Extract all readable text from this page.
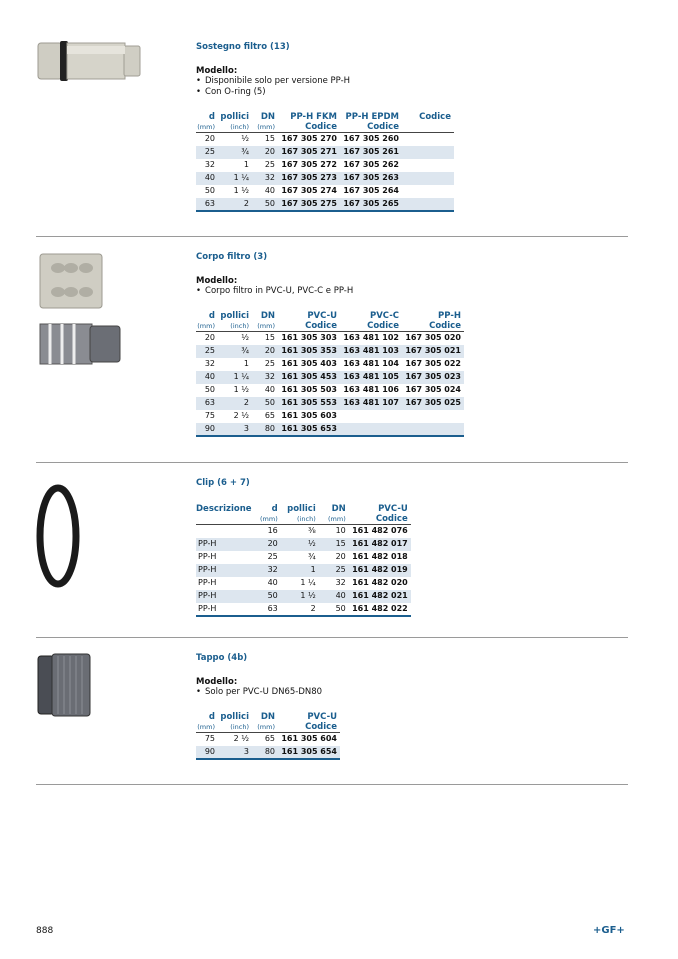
Sostegno filtro (13)
Modello:
• Disponibile solo per versione PP-H
• Con O-ring (5)
d
(mm)	pollici
(inch)	DN
(mm)	PP-H FKM
Codice	PP-H EPDM
Codice	Codice

20	½	15	167 305 270	167 305 260	
25	¾	20	167 305 271	167 305 261	
32	1	25	167 305 272	167 305 262	
40	1 ¼	32	167 305 273	167 305 263	
50	1 ½	40	167 305 274	167 305 264	
63	2	50	167 305 275	167 305 265	
Corpo filtro (3)
Modello:
• Corpo filtro in PVC-U, PVC-C e PP-H
d
(mm)	pollici
(inch)	DN
(mm)	PVC-U
Codice	PVC-C
Codice	PP-H
Codice

20	½	15	161 305 303	163 481 102	167 305 020
25	¾	20	161 305 353	163 481 103	167 305 021
32	1	25	161 305 403	163 481 104	167 305 022
40	1 ¼	32	161 305 453	163 481 105	167 305 023
50	1 ½	40	161 305 503	163 481 106	167 305 024
63	2	50	161 305 553	163 481 107	167 305 025
75	2 ½	65	161 305 603		
90	3	80	161 305 653		
Clip (6 + 7)
Descrizione	d
(mm)	pollici
(inch)	DN
(mm)	PVC-U
Codice

	16	⅜	10	161 482 076
PP-H	20	½	15	161 482 017
PP-H	25	¾	20	161 482 018
PP-H	32	1	25	161 482 019
PP-H	40	1 ¼	32	161 482 020
PP-H	50	1 ½	40	161 482 021
PP-H	63	2	50	161 482 022
Tappo (4b)
Modello:
• Solo per PVC-U DN65-DN80
d
(mm)	pollici
(inch)	DN
(mm)	PVC-U
Codice

75	2 ½	65	161 305 604
90	3	80	161 305 654
888	+GF+
